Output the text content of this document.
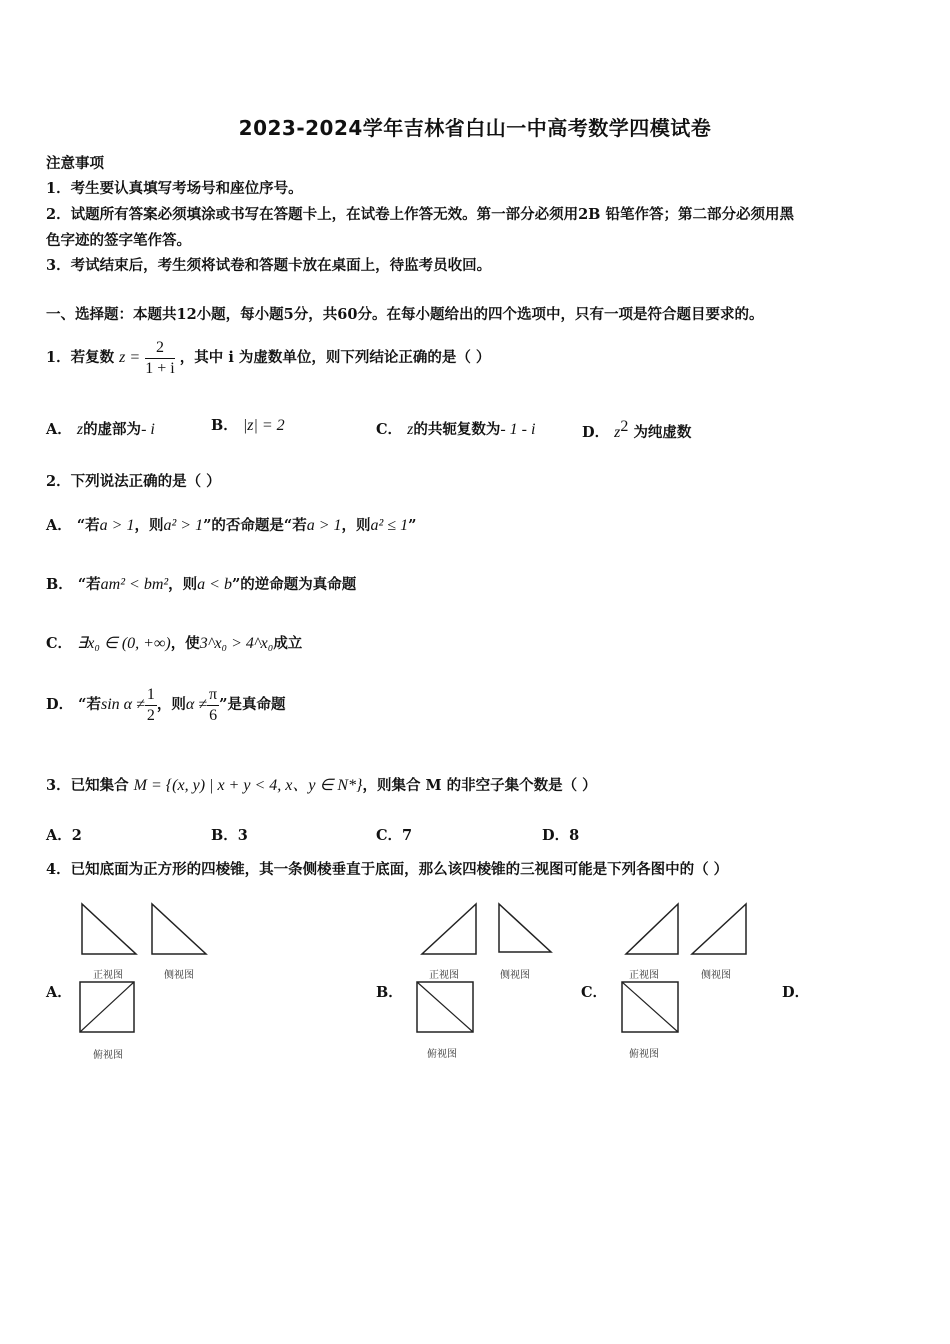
2023-2024学年吉林省白山一中高考数学四模试卷
注意事项
1．考生要认真填写考场号和座位序号。
2．试题所有答案必须填涂或书写在答题卡上，在试卷上作答无效。第一部分必须用2B 铅笔作答；第二部分必须用黑
色字迹的签字笔作答。
3．考试结束后，考生须将试卷和答题卡放在桌面上，待监考员收回。
一、选择题：本题共12小题，每小题5分，共60分。在每小题给出的四个选项中，只有一项是符合题目要求的。
1．若复数 $z = \frac{2}{1 + i}$ ，其中 i 为虚数单位，则下列结论正确的是（ ）
A． z的虚部为- i	B． |z| = 2	C． z的共轭复数为- 1 - i	D． $z^2$ 为纯虚数
2．下列说法正确的是（ ）
A． “若a > 1，则a² > 1”的否命题是“若a > 1，则a² ≤ 1”
B． “若am² < bm²，则a < b”的逆命题为真命题
C． ∃x₀ ∈ (0, +∞)，使3^x₀ > 4^x₀成立
D． “若$\sin \alpha \ne \frac{1}{2}$ ，则$\alpha \ne \frac{\pi}{6}$ ”是真命题
3．已知集合 M = {(x, y) | x + y < 4, x、y ∈ N*}，则集合 M 的非空子集个数是（ ）
A．2	B．3	C．7	D．8
4．已知底面为正方形的四棱锥，其一条侧棱垂直于底面，那么该四棱锥的三视图可能是下列各图中的（ ）
正视图	侧视图
俯视图
A．
正视图	侧视图
俯视图
B．
正视图	侧视图
俯视图
C．	D．
